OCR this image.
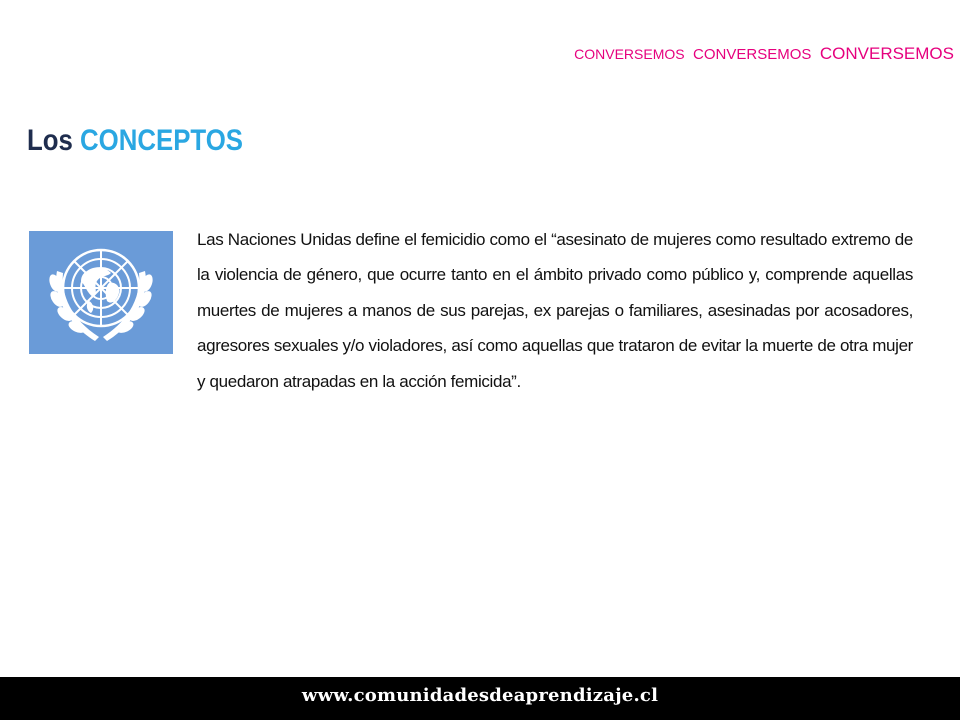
CONVERSEMOS CONVERSEMOS CONVERSEMOS
Los CONCEPTOS

Las Naciones Unidas define el femicidio como el “asesinato de mujeres como resultado extremo de la violencia de género, que ocurre tanto en el ámbito privado como público y, comprende aquellas muertes de mujeres a manos de sus parejas, ex parejas o familiares, asesinadas por acosadores, agresores sexuales y/o violadores, así como aquellas que trataron de evitar la muerte de otra mujer y quedaron atrapadas en la acción femicida”.

www.comunidadesdeaprendizaje.cl
